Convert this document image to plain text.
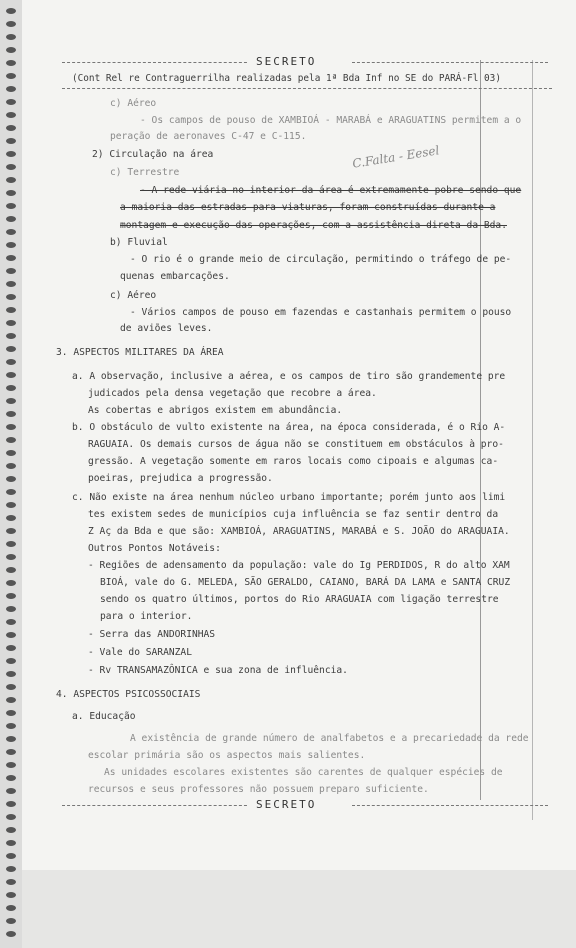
SECRETO
(Cont Rel re Contraguerrilha realizadas pela 1ª Bda Inf no SE do PARÁ-Fl 03)
C.Falta - Eesel
c) Aéreo
- Os campos de pouso de XAMBIOÁ - MARABÁ e ARAGUATINS permitem a o
peração de aeronaves C-47 e C-115.
2) Circulação na área
c) Terrestre
- A rede viária no interior da área é extremamente pobre sendo que
a maioria das estradas para viaturas, foram construídas durante a
montagem e execução das operações, com a assistência direta da Bda.
b) Fluvial
- O rio é o grande meio de circulação, permitindo o tráfego de pe-
quenas embarcações.
c) Aéreo
- Vários campos de pouso em fazendas e castanhais permitem o pouso
de aviões leves.
3. ASPECTOS MILITARES DA ÁREA
a. A observação, inclusive a aérea, e os campos de tiro são grandemente pre
judicados pela densa vegetação que recobre a área.
As cobertas e abrigos existem em abundância.
b. O obstáculo de vulto existente na área, na época considerada, é o Rio A-
RAGUAIA. Os demais cursos de água não se constituem em obstáculos à pro-
gressão. A vegetação somente em raros locais como cipoais e algumas ca-
poeiras, prejudica a progressão.
c. Não existe na área nenhum núcleo urbano importante; porém junto aos limi
tes existem sedes de municípios cuja influência se faz sentir dentro da
Z Aç da Bda e que são: XAMBIOÁ, ARAGUATINS, MARABÁ e S. JOÃO do ARAGUAIA.
Outros Pontos Notáveis:
- Regiões de adensamento da população: vale do Ig PERDIDOS, R do alto XAM
BIOÁ, vale do G. MELEDA, SÃO GERALDO, CAIANO, BARÁ DA LAMA e SANTA CRUZ
sendo os quatro últimos, portos do Rio ARAGUAIA com ligação terrestre
para o interior.
- Serra das ANDORINHAS
- Vale do SARANZAL
- Rv TRANSAMAZÔNICA e sua zona de influência.
4. ASPECTOS PSICOSSOCIAIS
a. Educação
A existência de grande número de analfabetos e a precariedade da rede
escolar primária são os aspectos mais salientes.
As unidades escolares existentes são carentes de qualquer espécies de
recursos e seus professores não possuem preparo suficiente.
SECRETO
